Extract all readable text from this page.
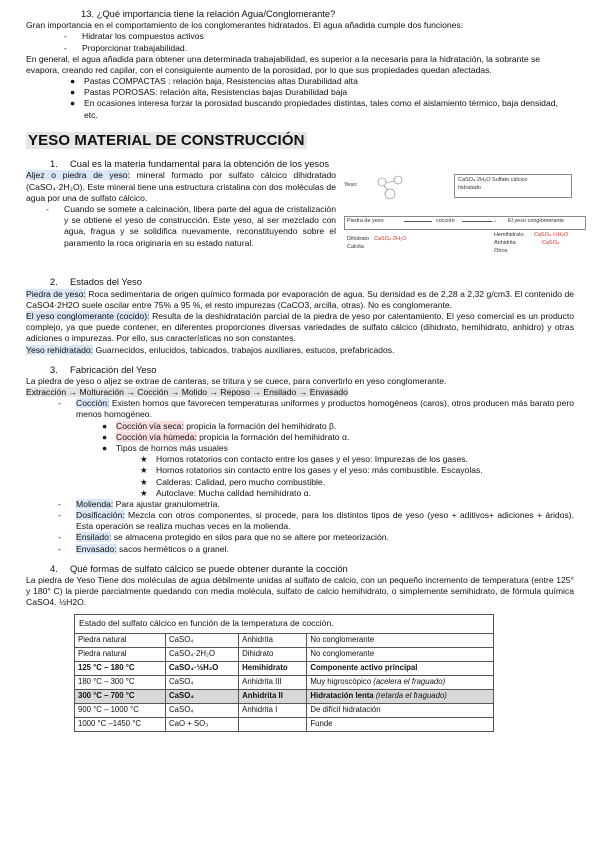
13. ¿Qué importancia tiene la relación Agua/Conglomerante?

Gran importancia en el comportamiento de los conglomerantes hidratados. El agua añadida cumple dos funciones:

-	Hidratar los compuestos activos
-	Proporcionar trabajabilidad.

En general, el agua añadida para obtener una determinada trabajabilidad, es superior a la necesaria para la hidratación, la sobrante se evapora, creando red capilar, con el consiguiente aumento de la porosidad, por lo que sus propiedades quedan afectadas.

●	Pastas COMPACTAS : relación baja, Resistencias altas Durabilidad alta
●	Pastas POROSAS: relación alta, Resistencias bajas Durabilidad baja
●	En ocasiones interesa forzar la porosidad buscando propiedades distintas, tales como el aislamiento térmico, baja densidad, etc.
YESO MATERIAL DE CONSTRUCCIÓN
1. Cual es la materia fundamental para la obtención de los yesos

Aljez o piedra de yeso: mineral formado por sulfato cálcico dihidratado (CaSO₄·2H₂O). Este mineral tiene una estructura cristalina con dos moléculas de agua por una de sulfato cálcico.

-	Cuando se somete a calcinación, libera parte del agua de cristalización y se obtiene el yeso de construcción. Este yeso, al ser mezclado con agua, fragua y se solidifica nuevamente, reconstituyendo sobre el paramento la roca originaria en su estado natural.
Yeso:
CaSO₄·2H₂O Sulfato cálcico
hidratado
Piedra de yeso	cocción	→ El yeso conglomerante
Dihidrato CaSO₄·2H₂O
Calcita
Hemihidrato CaSO₄·½H₂O
Anhidrita	CaSO₄
Otros
2. Estados del Yeso

Piedra de yeso: Roca sedimentaria de origen químico formada por evaporación de agua. Su densidad es de 2,28 a 2,32 g/cm3. El contenido de CaSO4·2H2O suele oscilar entre 75% a 95 %, el resto impurezas (CaCO3, arcilla, otras). No es conglomerante.

El yeso conglomerante (cocido): Resulta de la deshidratación parcial de la piedra de yeso por calentamiento. El yeso comercial es un producto complejo, ya que puede contener, en diferentes proporciones diversas variedades de sulfato cálcico (dihidrato, hemihidrato, anhidro) y otras adiciones o impurezas. Por ello, sus características no son constantes.

Yeso rehidratado: Guarnecidos, enlucidos, tabicados, trabajos auxiliares, estucos, prefabricados.

3. Fabricación del Yeso

La piedra de yeso o aljez se extrae de canteras, se tritura y se cuece, para convertirlo en yeso conglomerante.

Extracción → Molturación → Cocción → Molido → Reposo → Ensilado → Envasado

-	Cocción: Existen hornos que favorecen temperaturas uniformes y productos homogéneos (caros), otros producen más barato pero menos homogéneo.
●	Cocción vía seca: propicia la formación del hemihidrato β.
●	Cocción vía húmeda: propicia la formación del hemihidrato α.
●	Tipos de hornos más usuales
★ Hornos rotatorios con contacto entre los gases y el yeso: Impurezas de los gases.
★ Hornos rotatorios sin contacto entre los gases y el yeso: más combustible. Escayolas.
★ Calderas: Calidad, pero mucho combustible.
★ Autoclave: Mucha calidad hemihidrato α.
-	Molienda: Para ajustar granulometría.
-	Dosificación: Mezcla con otros componentes, si procede, para los distintos tipos de yeso (yeso + aditivos+ adiciones + áridos). Esta operación se realiza muchas veces en la molienda.
-	Ensilado: se almacena protegido en silos para que no se altere por meteorización.
-	Envasado: sacos herméticos o a granel.
4. Qué formas de sulfato cálcico se puede obtener durante la cocción

La piedra de Yeso Tiene dos moléculas de agua débilmente unidas al sulfato de calcio, con un pequeño incremento de temperatura (entre 125° y 180° C) la pierde parcialmente quedando con media molécula, sulfato de calcio hemihidrato, o simplemente semihidrato, de fórmula química CaSO4. ½H2O.

Estado del sulfato cálcico en función de la temperatura de cocción.			
Piedra natural	CaSO₄	Anhidrita	No conglomerante
Piedra natural	CaSO₄·2H₂O	Dihidrato	No conglomerante
125 °C – 180 °C	CaSO₄·½H₂O	Hemihidrato	Componente activo principal
180 °C – 300 °C	CaSO₄	Anhidrita III	Muy higroscópico (acelera el fraguado)
300 °C – 700 °C	CaSO₄	Anhidrita II	Hidratación lenta (retarda el fraguado)
900 °C – 1000 °C	CaSO₄	Anhidrita I	De difícil hidratación
1000 °C –1450 °C	CaO + SO₃		Funde
